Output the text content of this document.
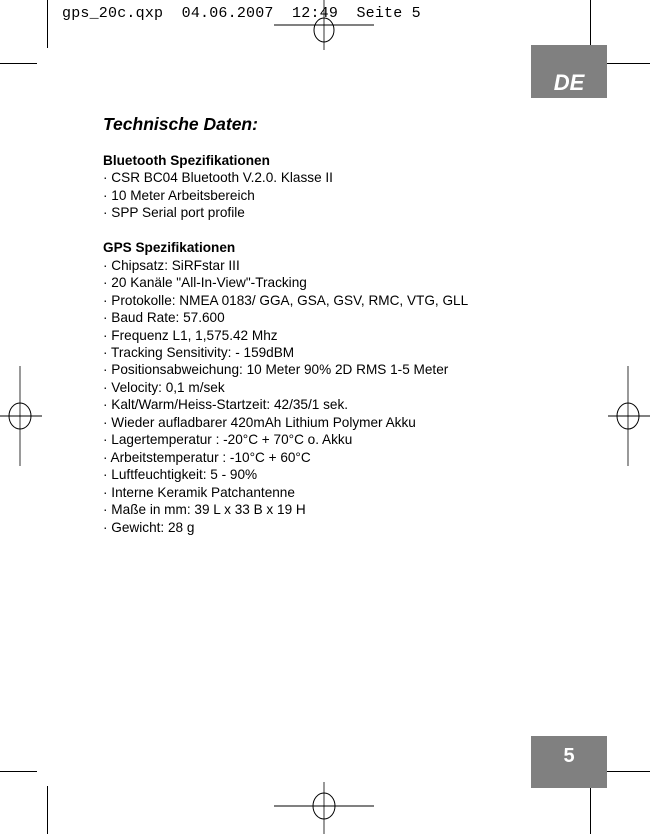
gps_20c.qxp  04.06.2007  12:49  Seite 5
DE
5
Technische Daten:
Bluetooth Spezifikationen
· CSR BC04 Bluetooth V.2.0. Klasse II
· 10 Meter Arbeitsbereich
· SPP Serial port profile
GPS Spezifikationen
· Chipsatz: SiRFstar III
· 20 Kanäle "All-In-View"-Tracking
· Protokolle: NMEA 0183/ GGA, GSA, GSV, RMC, VTG, GLL
· Baud Rate: 57.600
· Frequenz L1, 1,575.42 Mhz
· Tracking Sensitivity: - 159dBM
· Positionsabweichung: 10 Meter 90% 2D RMS 1-5 Meter
· Velocity: 0,1 m/sek
· Kalt/Warm/Heiss-Startzeit: 42/35/1 sek.
· Wieder aufladbarer 420mAh Lithium Polymer Akku
· Lagertemperatur : -20°C + 70°C o. Akku
· Arbeitstemperatur : -10°C + 60°C
· Luftfeuchtigkeit: 5 - 90%
· Interne Keramik Patchantenne
· Maße in mm: 39 L x 33 B x 19 H
· Gewicht: 28 g
